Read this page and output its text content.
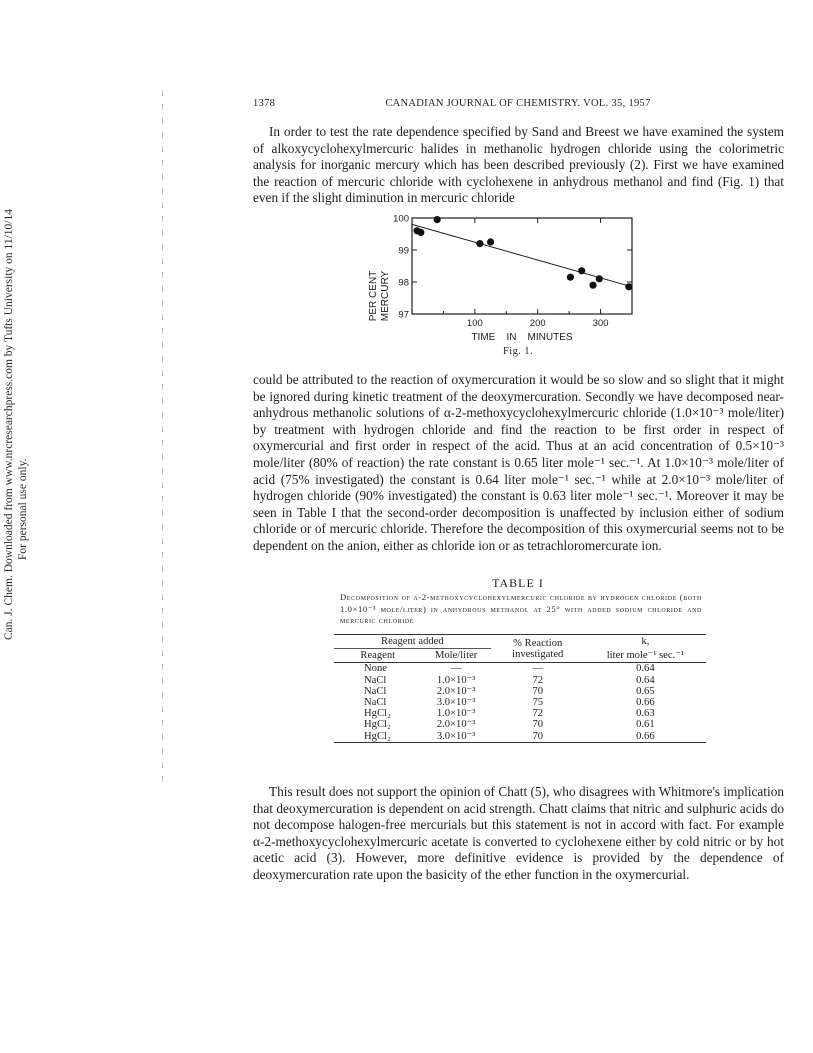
Can. J. Chem. Downloaded from www.nrcresearchpress.com by Tufts University on 11/10/14 For personal use only.
1378	CANADIAN JOURNAL OF CHEMISTRY. VOL. 35, 1957

In order to test the rate dependence specified by Sand and Breest we have examined the system of alkoxycyclohexylmercuric halides in methanolic hydrogen chloride using the colorimetric analysis for inorganic mercury which has been described previously (2). First we have examined the reaction of mercuric chloride with cyclohexene in anhydrous methanol and find (Fig. 1) that even if the slight diminution in mercuric chloride

97
98
99
100
100	200	300
PER CENT MERCURY
TIME    IN    MINUTES
Fig. 1.

could be attributed to the reaction of oxymercuration it would be so slow and so slight that it might be ignored during kinetic treatment of the deoxymercuration. Secondly we have decomposed near-anhydrous methanolic solutions of α-2-methoxycyclohexylmercuric chloride (1.0×10⁻³ mole/liter) by treatment with hydrogen chloride and find the reaction to be first order in respect of oxymercurial and first order in respect of the acid. Thus at an acid concentration of 0.5×10⁻³ mole/liter (80% of reaction) the rate constant is 0.65 liter mole⁻¹ sec.⁻¹. At 1.0×10⁻³ mole/liter of acid (75% investigated) the constant is 0.64 liter mole⁻¹ sec.⁻¹ while at 2.0×10⁻³ mole/liter of hydrogen chloride (90% investigated) the constant is 0.63 liter mole⁻¹ sec.⁻¹. Moreover it may be seen in Table I that the second-order decomposition is unaffected by inclusion either of sodium chloride or of mercuric chloride. Therefore the decomposition of this oxymercurial seems not to be dependent on the anion, either as chloride ion or as tetrachloromercurate ion.

TABLE I
Decomposition of α-2-methoxycyclohexylmercuric chloride by hydrogen chloride (both 1.0×10⁻³ mole/liter) in anhydrous methanol at 25° with added sodium chloride and mercuric chloride
Reagent added		% Reaction investigated	k,
Reagent	Mole/liter		liter mole⁻¹ sec.⁻¹
None	—	—	0.64
NaCl	1.0×10⁻³	72	0.64
NaCl	2.0×10⁻³	70	0.65
NaCl	3.0×10⁻³	75	0.66
HgCl₂	1.0×10⁻³	72	0.63
HgCl₂	2.0×10⁻³	70	0.61
HgCl₂	3.0×10⁻³	70	0.66

This result does not support the opinion of Chatt (5), who disagrees with Whitmore's implication that deoxymercuration is dependent on acid strength. Chatt claims that nitric and sulphuric acids do not decompose halogen-free mercurials but this statement is not in accord with fact. For example α-2-methoxycyclohexylmercuric acetate is converted to cyclohexene either by cold nitric or by hot acetic acid (3). However, more definitive evidence is provided by the dependence of deoxymercuration rate upon the basicity of the ether function in the oxymercurial.
